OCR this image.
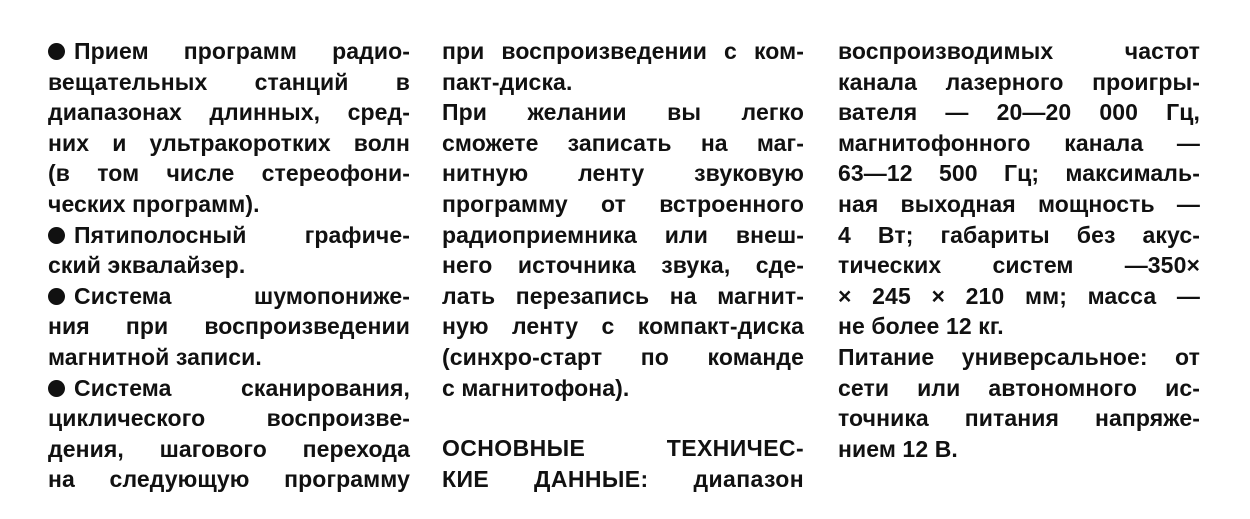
Прием программ радио-
вещательных станций в
диапазонах длинных, сред-
них и ультракоротких волн
(в том числе стереофони-
ческих программ).
Пятиполосный графиче-
ский эквалайзер.
Система шумопониже-
ния при воспроизведении
магнитной записи.
Система сканирования,
циклического воспроизве-
дения, шагового перехода
на следующую программу
при воспроизведении с ком-
пакт-диска.
При желании вы легко
сможете записать на маг-
нитную ленту звуковую
программу от встроенного
радиоприемника или внеш-
него источника звука, сде-
лать перезапись на магнит-
ную ленту с компакт-диска
(синхро-старт по команде
с магнитофона).
ОСНОВНЫЕ ТЕХНИЧЕС-
КИЕ ДАННЫЕ: диапазон
воспроизводимых частот
канала лазерного проигры-
вателя — 20—20 000 Гц,
магнитофонного канала —
63—12 500 Гц; максималь-
ная выходная мощность —
4 Вт; габариты без акус-
тических систем —350×
× 245 × 210 мм; масса —
не более 12 кг.
Питание универсальное: от
сети или автономного ис-
точника питания напряже-
нием 12 В.
